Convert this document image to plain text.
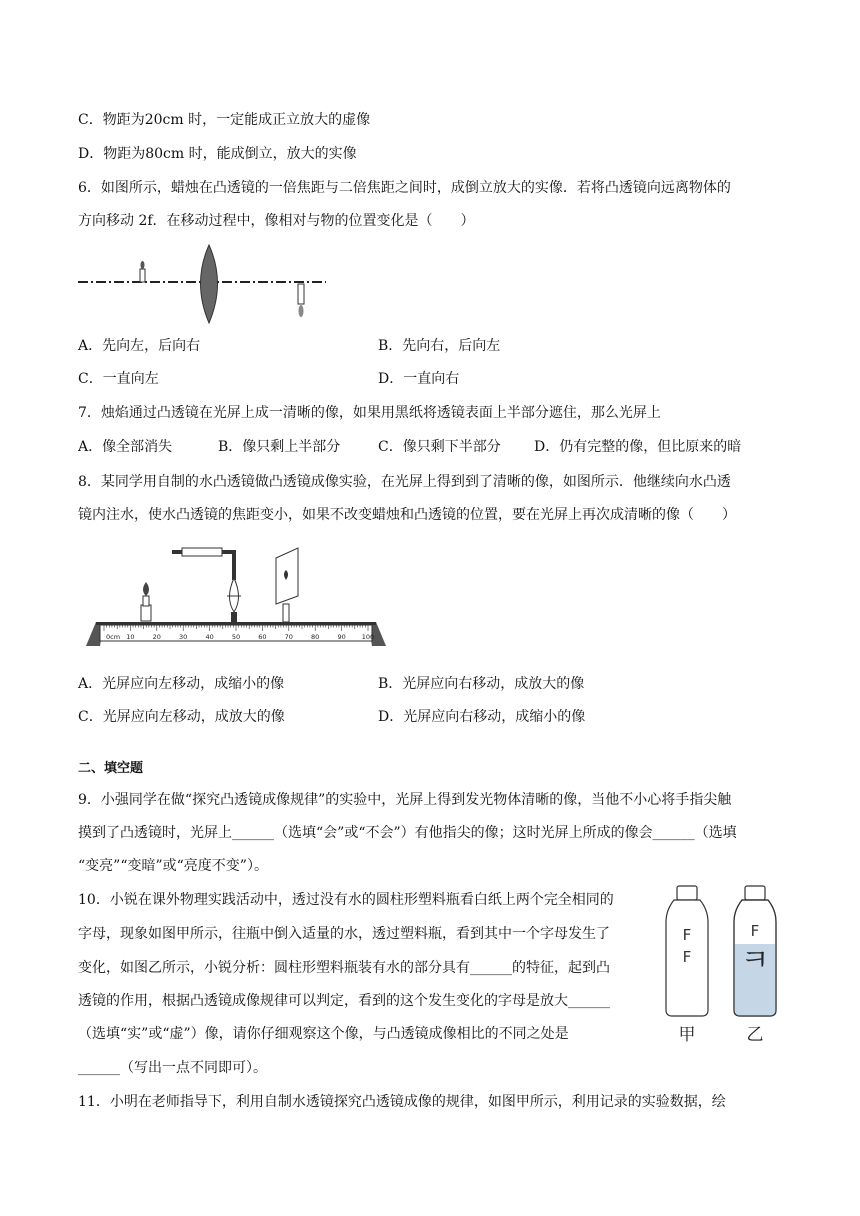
C．物距为20cm 时，一定能成正立放大的虚像
D．物距为80cm 时，能成倒立，放大的实像
6．如图所示，蜡烛在凸透镜的一倍焦距与二倍焦距之间时，成倒立放大的实像．若将凸透镜向远离物体的
方向移动 2f．在移动过程中，像相对与物的位置变化是（　　）
A．先向左，后向右	B．先向右，后向左
C．一直向左	D．一直向右
7．烛焰通过凸透镜在光屏上成一清晰的像，如果用黑纸将透镜表面上半部分遮住，那么光屏上
A．像全部消失	B．像只剩上半部分	C．像只剩下半部分 D．仍有完整的像，但比原来的暗
8．某同学用自制的水凸透镜做凸透镜成像实验，在光屏上得到到了清晰的像，如图所示．他继续向水凸透
镜内注水，使水凸透镜的焦距变小，如果不改变蜡烛和凸透镜的位置，要在光屏上再次成清晰的像（　　）
0cm 10	20	30	40	50	60	70	80	90 100
A．光屏应向左移动，成缩小的像	B．光屏应向右移动，成放大的像
C．光屏应向左移动，成放大的像	D．光屏应向右移动，成缩小的像
二、填空题
9．小强同学在做“探究凸透镜成像规律”的实验中，光屏上得到发光物体清晰的像，当他不小心将手指尖触
摸到了凸透镜时，光屏上______（选填“会”或“不会”）有他指尖的像；这时光屏上所成的像会______（选填
“变亮”“变暗”或“亮度不变”）。
10．小锐在课外物理实践活动中，透过没有水的圆柱形塑料瓶看白纸上两个完全相同的
字母，现象如图甲所示，往瓶中倒入适量的水，透过塑料瓶，看到其中一个字母发生了
变化，如图乙所示，小锐分析：圆柱形塑料瓶装有水的部分具有______的特征，起到凸
透镜的作用，根据凸透镜成像规律可以判定，看到的这个发生变化的字母是放大______
（选填“实”或“虚”）像，请你仔细观察这个像，与凸透镜成像相比的不同之处是
______（写出一点不同即可）。
F
F
F
ㅋ
甲	乙
11．小明在老师指导下，利用自制水透镜探究凸透镜成像的规律，如图甲所示，利用记录的实验数据，绘
